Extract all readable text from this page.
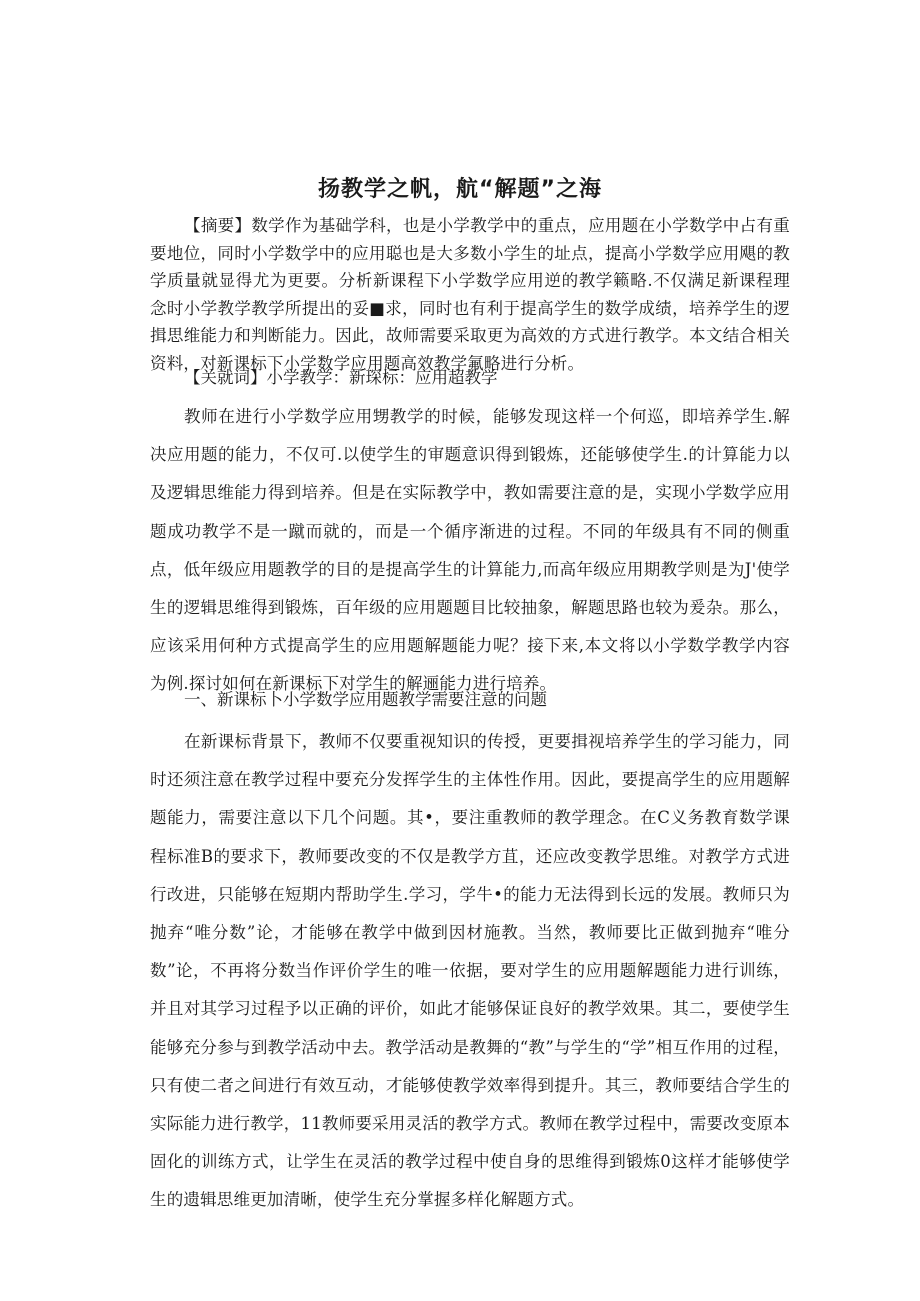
扬教学之帆，航“解题”之海
【摘要】数学作为基础学科，也是小学教学中的重点，应用题在小学数学中占有重要地位，同时小学数学中的应用聪也是大多数小学生的址点，提高小学数学应用飓的教学质量就显得尤为更要。分析新课程下小学数学应用逆的教学籁略.不仅满足新课程理念时小学教学教学所提出的妥■求，同时也有利于提高学生的数学成绩，培养学生的逻揖思维能力和判断能力。因此，故师需要采取更为高效的方式进行教学。本文结合相关资料，对新课标下小学数学应用题高效教学氟略进行分析。
【关就词】小学教学：新琛标：应用超教学
教师在进行小学数学应用甥教学的时候，能够发现这样一个何巡，即培养学生.解决应用题的能力，不仅可.以使学生的审题意识得到锻炼，还能够使学生.的计算能力以及逻辑思维能力得到培养。但是在实际教学中，教如需要注意的是，实现小学数学应用题成功教学不是一蹴而就的，而是一个循序渐进的过程。不同的年级具有不同的侧重点，低年级应用题教学的目的是提高学生的计算能力,而高年级应用期教学则是为J'使学生的逻辑思维得到锻炼，百年级的应用题题目比较抽象，解题思路也较为爰杂。那么，应该采用何种方式提高学生的应用题解题能力呢？接下来,本文将以小学数学教学内容为例.探讨如何在新课标下对学生的解逦能力进行培养。
一、新课标卜小学数学应用题教学需要注意的问题
在新课标背景下，教师不仅要重视知识的传授，更要揖视培养学生的学习能力，同时还须注意在教学过程中要充分发挥学生的主体性作用。因此，要提高学生的应用题解题能力，需要注意以下几个问题。其•，要注重教师的教学理念。在C义务教育数学课程标准B的要求下，教师要改变的不仅是教学方苴，还应改变教学思维。对教学方式进行改进，只能够在短期内帮助学生.学习，学牛•的能力无法得到长远的发展。教师只为抛弃“唯分数”论，才能够在教学中做到因材施教。当然，教师要比正做到抛弃“唯分数”论，不再将分数当作评价学生的唯一依据，要对学生的应用题解题能力进行训练，并且对其学习过程予以正确的评价，如此才能够保证良好的教学效果。其二，要使学生能够充分参与到教学活动中去。教学活动是教舞的“教”与学生的“学”相互作用的过程，只有使二者之间进行有效互动，才能够使教学效率得到提升。其三，教师要结合学生的实际能力进行教学，11教师要采用灵活的教学方式。教师在教学过程中，需要改变原本固化的训练方式，让学生在灵活的教学过程中使自身的思维得到锻炼0这样才能够使学生的遗辑思维更加清晰，使学生充分掌握多样化解题方式。
